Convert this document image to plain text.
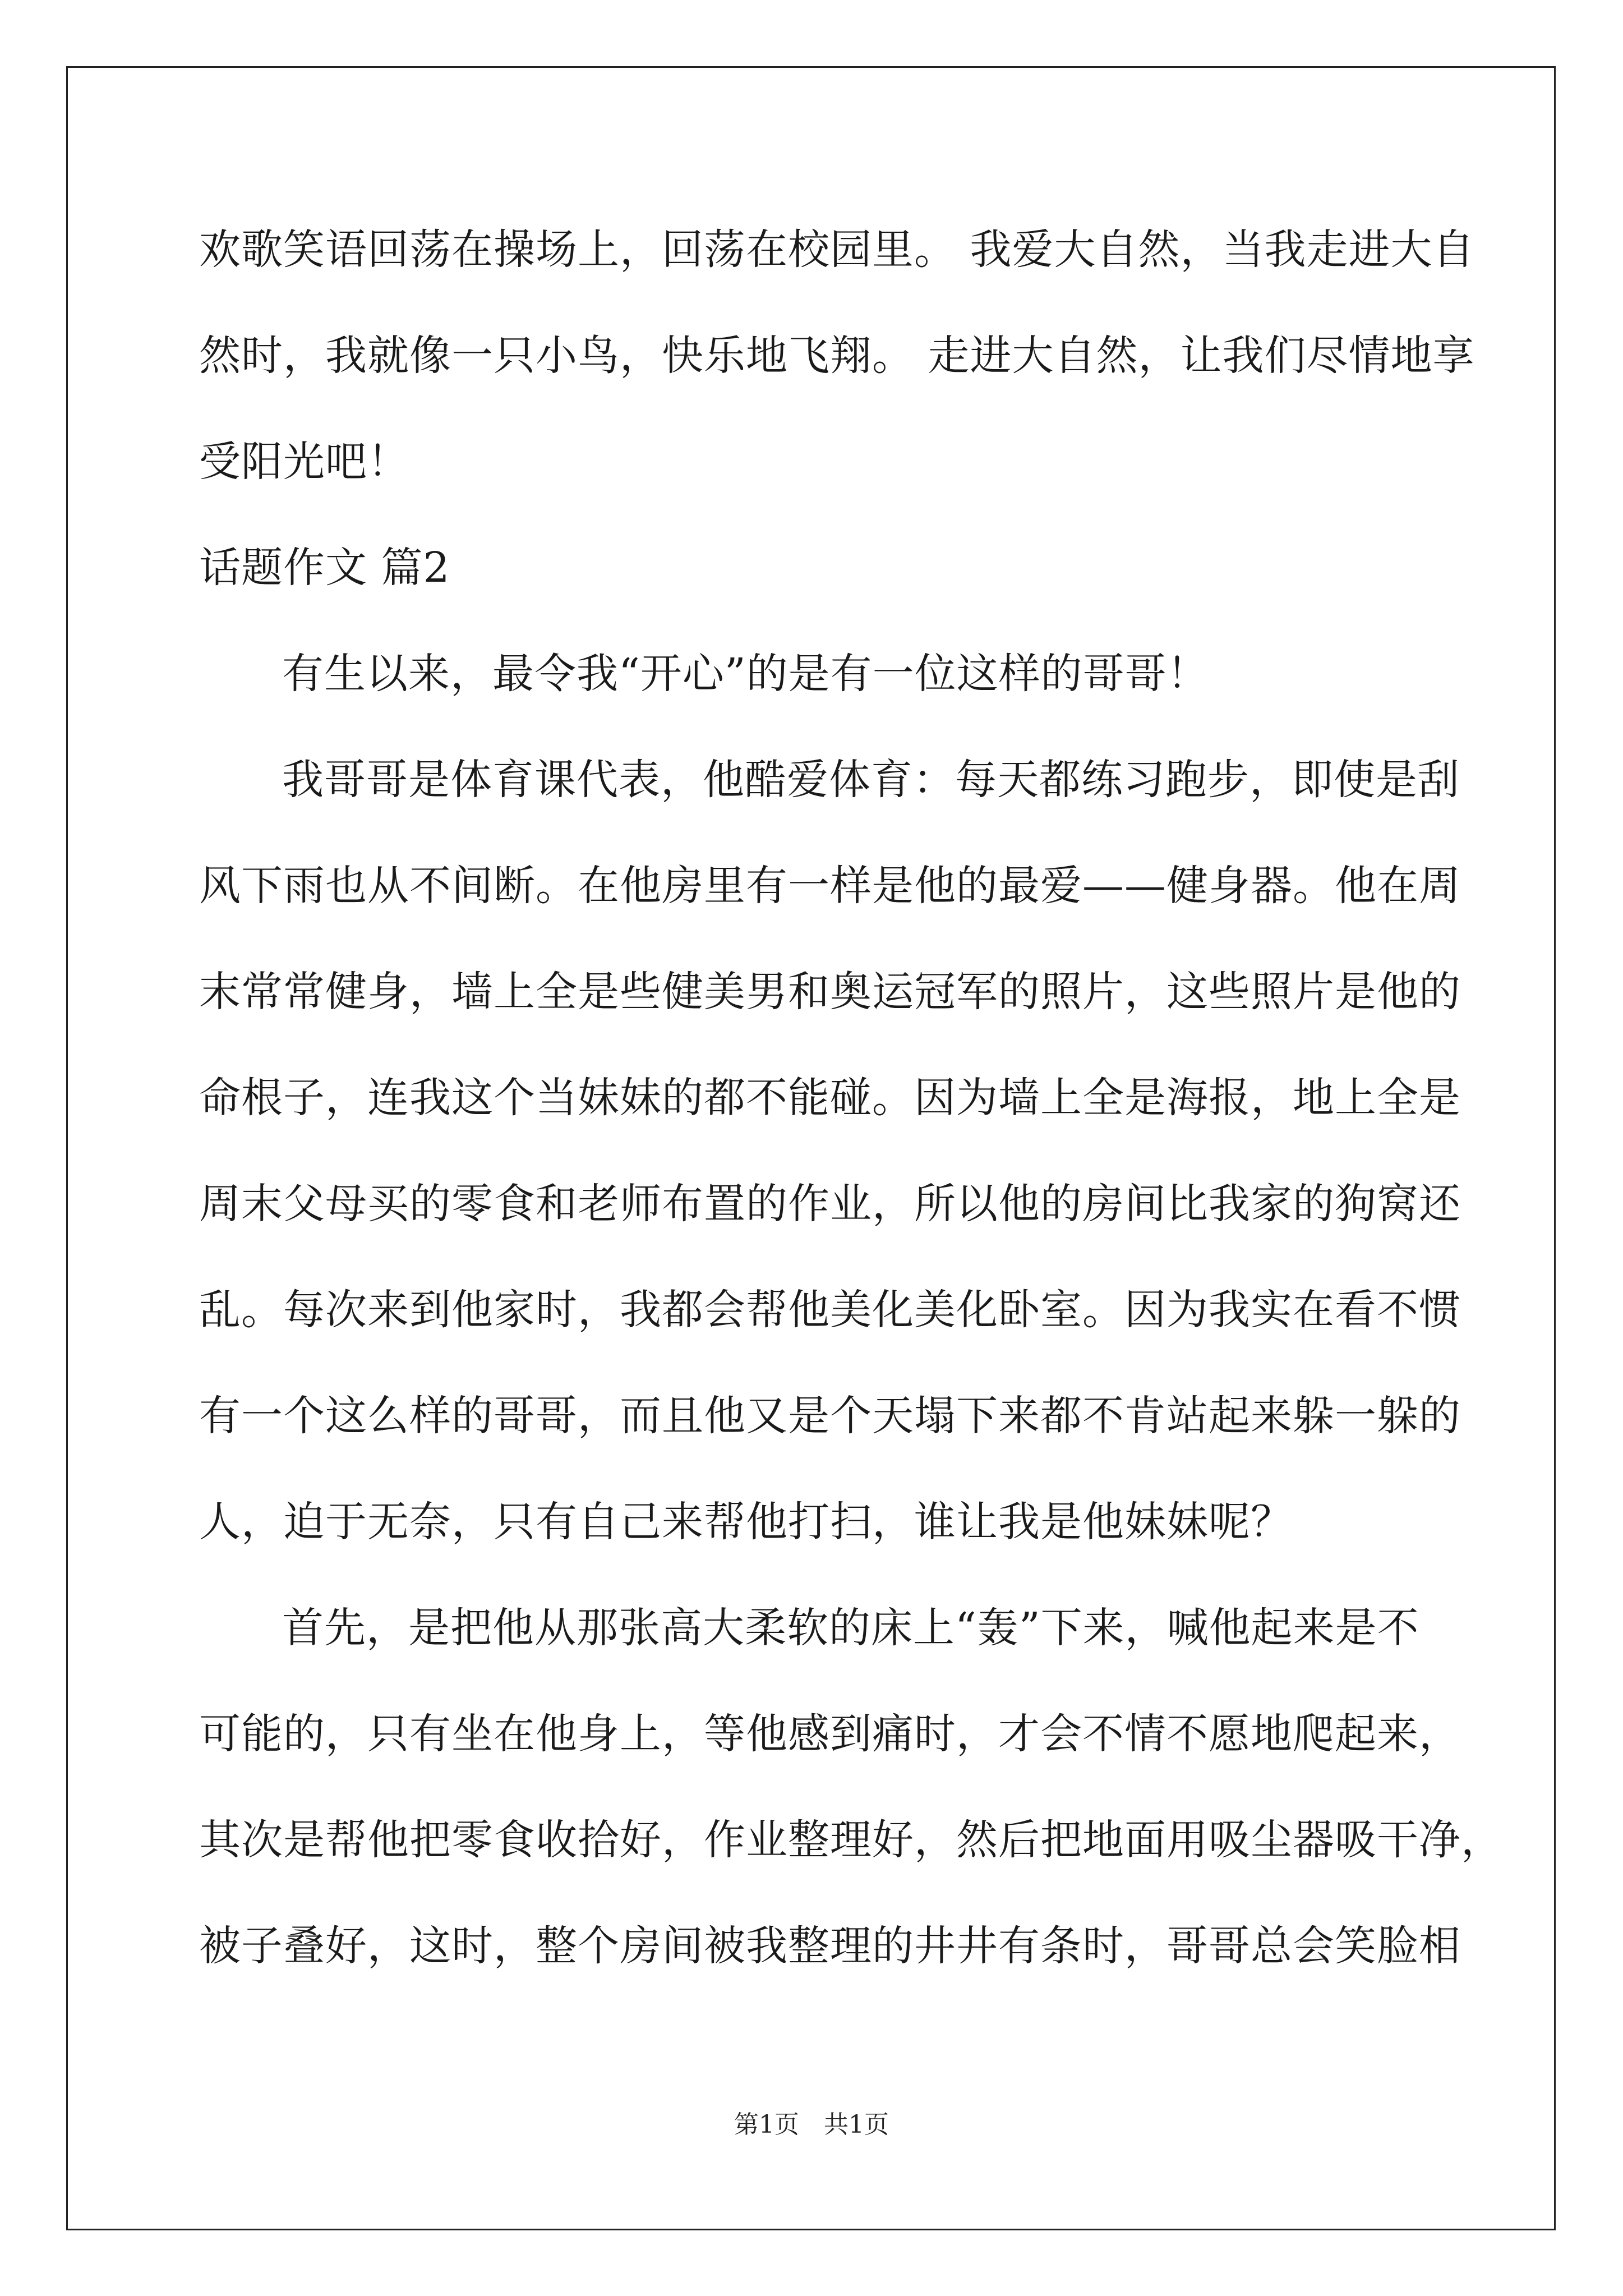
欢歌笑语回荡在操场上，回荡在校园里。 我爱大自然，当我走进大自
然时，我就像一只小鸟，快乐地飞翔。 走进大自然，让我们尽情地享
受阳光吧！
话题作文 篇2
有生以来，最令我“开心”的是有一位这样的哥哥！
我哥哥是体育课代表，他酷爱体育：每天都练习跑步，即使是刮
风下雨也从不间断。在他房里有一样是他的最爱——健身器。他在周
末常常健身，墙上全是些健美男和奥运冠军的照片，这些照片是他的
命根子，连我这个当妹妹的都不能碰。因为墙上全是海报，地上全是
周末父母买的零食和老师布置的作业，所以他的房间比我家的狗窝还
乱。每次来到他家时，我都会帮他美化美化卧室。因为我实在看不惯
有一个这么样的哥哥，而且他又是个天塌下来都不肯站起来躲一躲的
人，迫于无奈，只有自己来帮他打扫，谁让我是他妹妹呢？
首先，是把他从那张高大柔软的床上“轰”下来，喊他起来是不
可能的，只有坐在他身上，等他感到痛时，才会不情不愿地爬起来，
其次是帮他把零食收拾好，作业整理好，然后把地面用吸尘器吸干净，
被子叠好，这时，整个房间被我整理的井井有条时，哥哥总会笑脸相
第1页　共1页
